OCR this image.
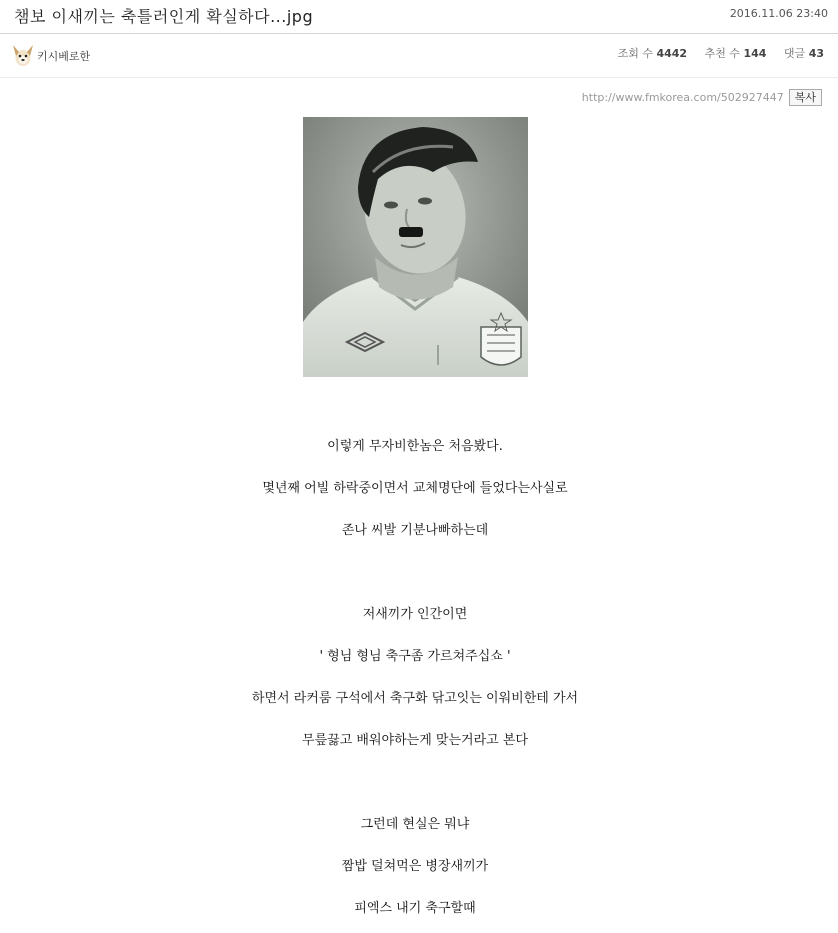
챔보 이새끼는 축틀러인게 확실하다...jpg	2016.11.06 23:40
키시베로한	조회 수 4442 추천 수 144 댓글 43
http://www.fmkorea.com/502927447	복사
이렇게 무자비한놈은 처음봤다.
몇년째 어빌 하락중이면서 교체명단에 들었다는사실로
존나 씨발 기분나빠하는데
저새끼가 인간이면
' 형님 형님 축구좀 가르쳐주십쇼 '
하면서 라커룸 구석에서 축구화 닦고잇는 이워비한테 가서
무릎끓고 배워야하는게 맞는거라고 본다
그런데 현실은 뭐냐
짬밥 덜쳐먹은 병장새끼가
피엑스 내기 축구할때
